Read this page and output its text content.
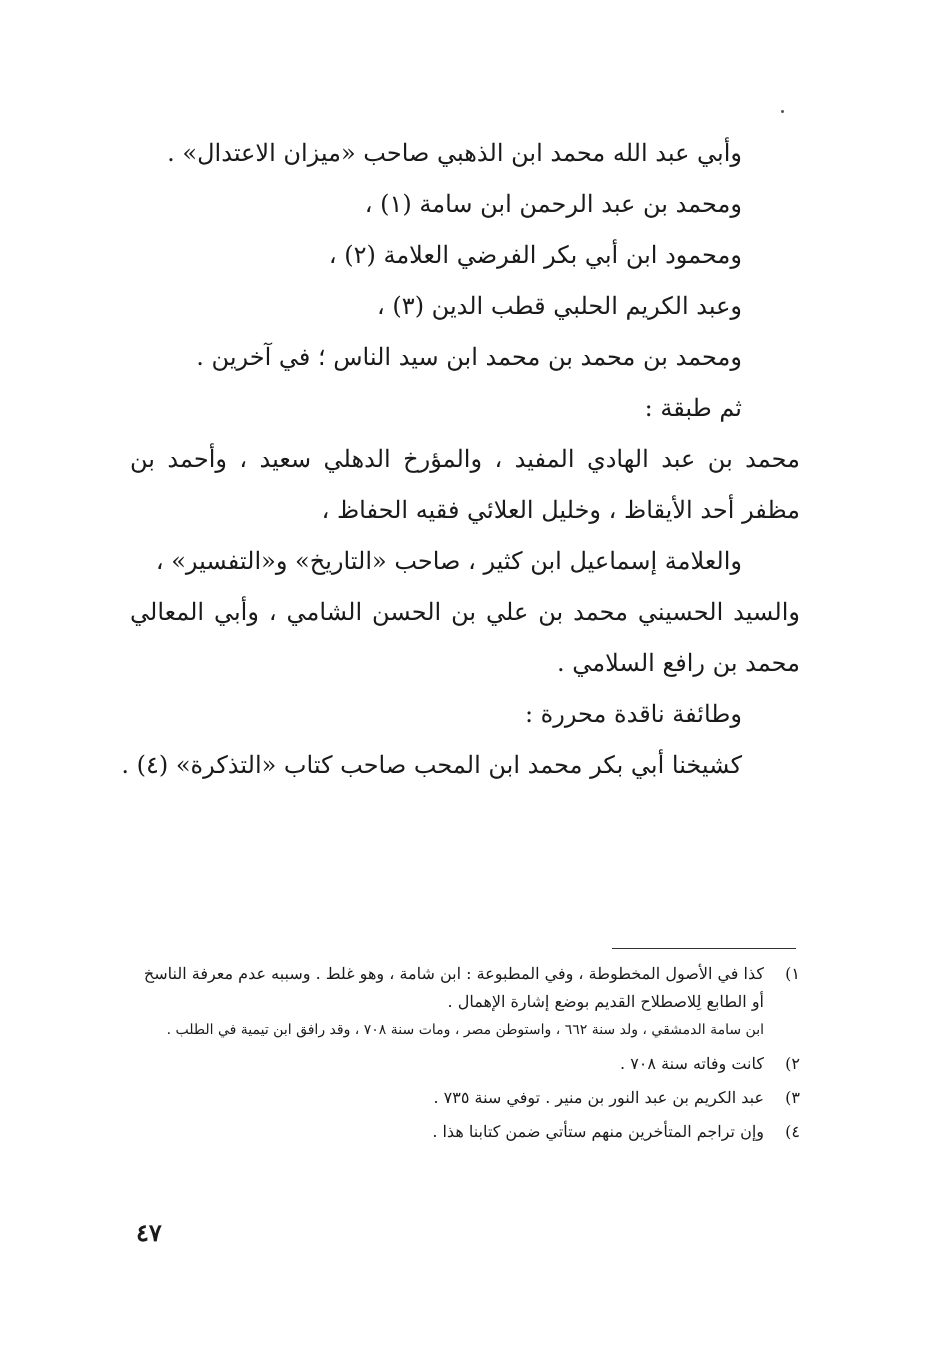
وأبي عبد الله محمد ابن الذهبي صاحب «ميزان الاعتدال» .
ومحمد بن عبد الرحمن ابن سامة (١) ،
ومحمود ابن أبي بكر الفرضي العلامة (٢) ،
وعبد الكريم الحلبي قطب الدين (٣) ،
ومحمد بن محمد بن محمد ابن سيد الناس ؛ في آخرين .
ثم طبقة :
محمد بن عبد الهادي المفيد ، والمؤرخ الدهلي سعيد ، وأحمد بن مظفر أحد الأيقاظ ، وخليل العلائي فقيه الحفاظ ،
والعلامة إسماعيل ابن كثير ، صاحب «التاريخ» و«التفسير» ،
والسيد الحسيني محمد بن علي بن الحسن الشامي ، وأبي المعالي محمد بن رافع السلامي .
وطائفة ناقدة محررة :
كشيخنا أبي بكر محمد ابن المحب صاحب كتاب «التذكرة» (٤) .
١)
كذا في الأصول المخطوطة ، وفي المطبوعة : ابن شامة ، وهو غلط . وسببه عدم معرفة الناسخ أو الطابع لِلاصطلاح القديم بوضع إشارة الإهمال .
ابن سامة الدمشقي ، ولد سنة ٦٦٢ ، واستوطن مصر ، ومات سنة ٧٠٨ ، وقد رافق ابن تيمية في الطلب .
٢)
كانت وفاته سنة ٧٠٨ .
٣)
عبد الكريم بن عبد النور بن منير . توفي سنة ٧٣٥ .
٤)
وإن تراجم المتأخرين منهم ستأتي ضمن كتابنا هذا .
٤٧
